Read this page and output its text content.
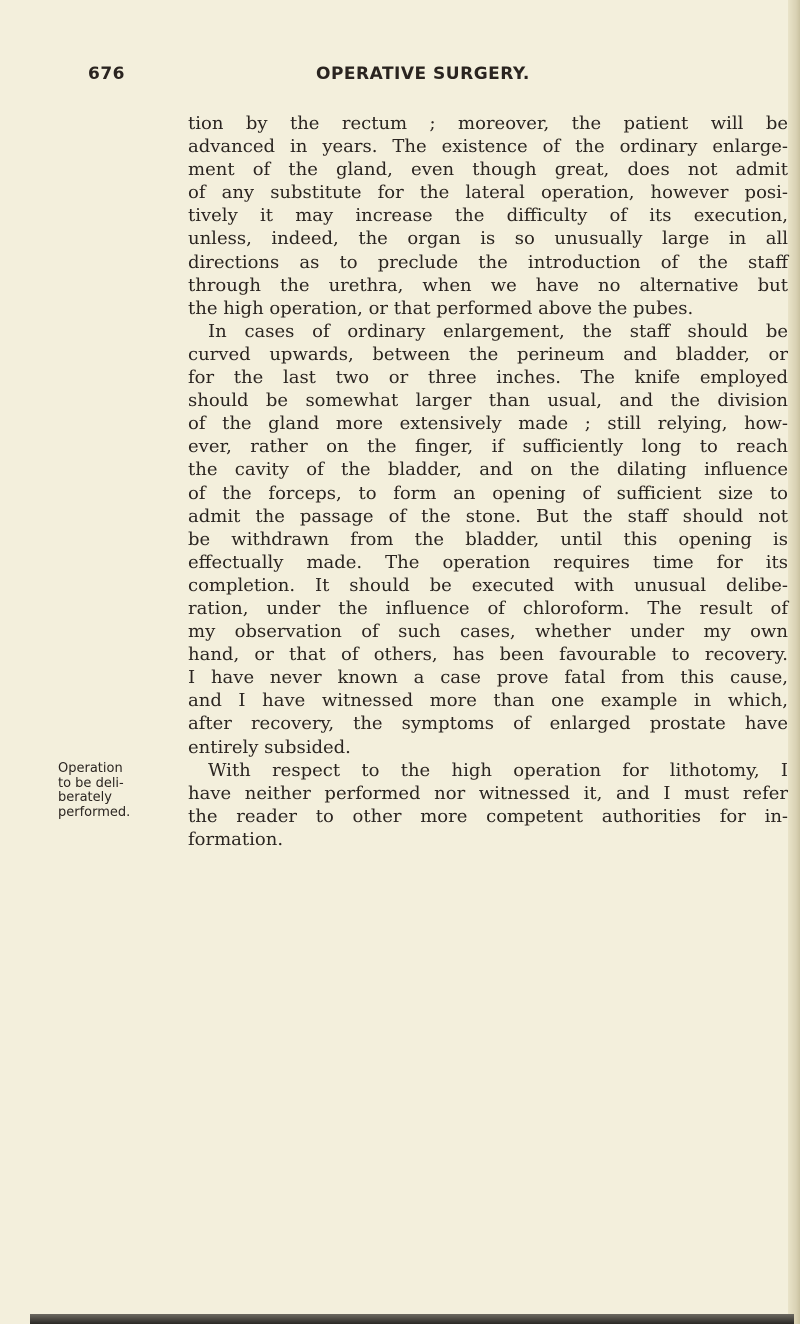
676	OPERATIVE SURGERY.
Operation
to be deli-
berately
performed.
tion by the rectum ; moreover, the patient will be
advanced in years. The existence of the ordinary enlarge-
ment of the gland, even though great, does not admit
of any substitute for the lateral operation, however posi-
tively it may increase the difficulty of its execution,
unless, indeed, the organ is so unusually large in all
directions as to preclude the introduction of the staff
through the urethra, when we have no alternative but
the high operation, or that performed above the pubes.
In cases of ordinary enlargement, the staff should be
curved upwards, between the perineum and bladder, or
for the last two or three inches. The knife employed
should be somewhat larger than usual, and the division
of the gland more extensively made ; still relying, how-
ever, rather on the finger, if sufficiently long to reach
the cavity of the bladder, and on the dilating influence
of the forceps, to form an opening of sufficient size to
admit the passage of the stone. But the staff should not
be withdrawn from the bladder, until this opening is
effectually made. The operation requires time for its
completion. It should be executed with unusual delibe-
ration, under the influence of chloroform. The result of
my observation of such cases, whether under my own
hand, or that of others, has been favourable to recovery.
I have never known a case prove fatal from this cause,
and I have witnessed more than one example in which,
after recovery, the symptoms of enlarged prostate have
entirely subsided.
With respect to the high operation for lithotomy, I
have neither performed nor witnessed it, and I must refer
the reader to other more competent authorities for in-
formation.
